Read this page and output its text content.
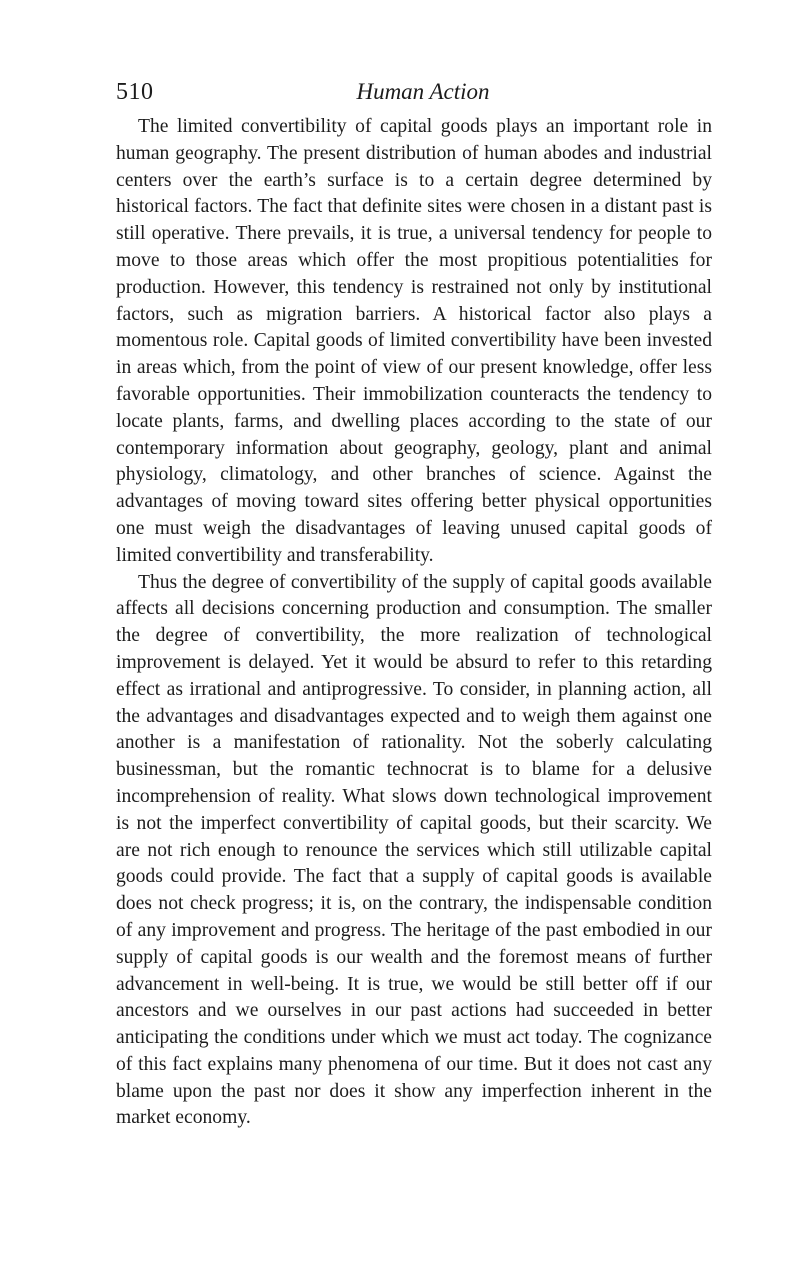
510	Human Action

The limited convertibility of capital goods plays an important role in human geography. The present distribution of human abodes and industrial centers over the earth’s surface is to a certain degree determined by historical factors. The fact that definite sites were chosen in a distant past is still operative. There prevails, it is true, a universal tendency for people to move to those areas which offer the most propitious potentialities for production. However, this tendency is restrained not only by institutional factors, such as migration barriers. A historical factor also plays a momentous role. Capital goods of limited convertibility have been invested in areas which, from the point of view of our present knowledge, offer less favorable opportunities. Their immobilization counteracts the tendency to locate plants, farms, and dwelling places according to the state of our contemporary information about geography, geology, plant and animal physiology, climatology, and other branches of science. Against the advantages of moving toward sites offering better physical opportunities one must weigh the disadvantages of leaving unused capital goods of limited convertibility and transferability.

Thus the degree of convertibility of the supply of capital goods available affects all decisions concerning production and consumption. The smaller the degree of convertibility, the more realization of technological improvement is delayed. Yet it would be absurd to refer to this retarding effect as irrational and antiprogressive. To consider, in planning action, all the advantages and disadvantages expected and to weigh them against one another is a manifestation of rationality. Not the soberly calculating businessman, but the romantic technocrat is to blame for a delusive incomprehension of reality. What slows down technological improvement is not the imperfect convertibility of capital goods, but their scarcity. We are not rich enough to renounce the services which still utilizable capital goods could provide. The fact that a supply of capital goods is available does not check progress; it is, on the contrary, the indispensable condition of any improvement and progress. The heritage of the past embodied in our supply of capital goods is our wealth and the foremost means of further advancement in well-being. It is true, we would be still better off if our ancestors and we ourselves in our past actions had succeeded in better anticipating the conditions under which we must act today. The cognizance of this fact explains many phenomena of our time. But it does not cast any blame upon the past nor does it show any imperfection inherent in the market economy.
